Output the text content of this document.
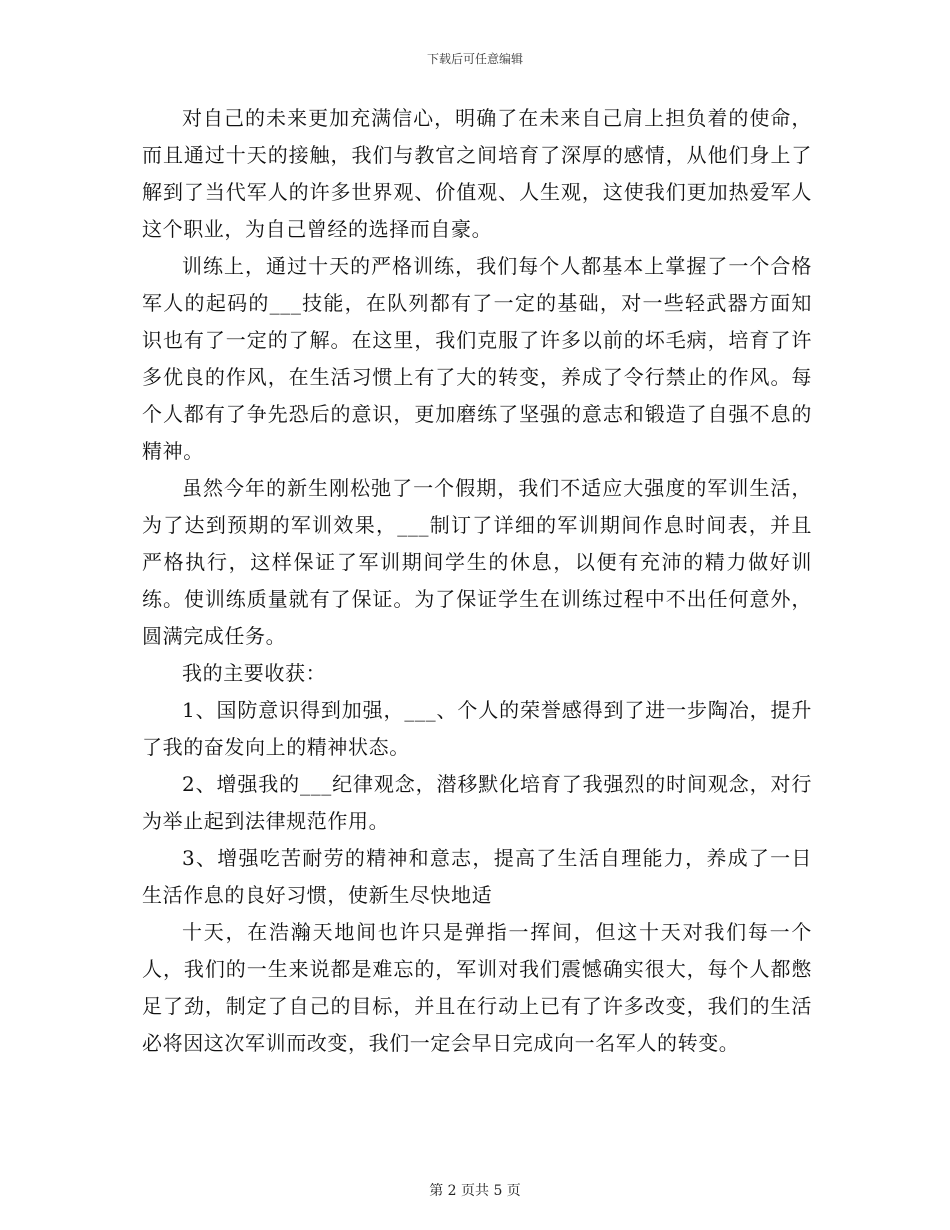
下载后可任意编辑

对自己的未来更加充满信心，明确了在未来自己肩上担负着的使命，而且通过十天的接触，我们与教官之间培育了深厚的感情，从他们身上了解到了当代军人的许多世界观、价值观、人生观，这使我们更加热爱军人这个职业，为自己曾经的选择而自豪。

训练上，通过十天的严格训练，我们每个人都基本上掌握了一个合格军人的起码的___技能，在队列都有了一定的基础，对一些轻武器方面知识也有了一定的了解。在这里，我们克服了许多以前的坏毛病，培育了许多优良的作风，在生活习惯上有了大的转变，养成了令行禁止的作风。每个人都有了争先恐后的意识，更加磨练了坚强的意志和锻造了自强不息的精神。

虽然今年的新生刚松弛了一个假期，我们不适应大强度的军训生活，为了达到预期的军训效果，___制订了详细的军训期间作息时间表，并且严格执行，这样保证了军训期间学生的休息，以便有充沛的精力做好训练。使训练质量就有了保证。为了保证学生在训练过程中不出任何意外，圆满完成任务。

我的主要收获：

1、国防意识得到加强，___、个人的荣誉感得到了进一步陶冶，提升了我的奋发向上的精神状态。

2、增强我的___纪律观念，潜移默化培育了我强烈的时间观念，对行为举止起到法律规范作用。

3、增强吃苦耐劳的精神和意志，提高了生活自理能力，养成了一日生活作息的良好习惯，使新生尽快地适

十天，在浩瀚天地间也许只是弹指一挥间，但这十天对我们每一个人，我们的一生来说都是难忘的，军训对我们震憾确实很大，每个人都憋足了劲，制定了自己的目标，并且在行动上已有了许多改变，我们的生活必将因这次军训而改变，我们一定会早日完成向一名军人的转变。

第 2 页共 5 页
